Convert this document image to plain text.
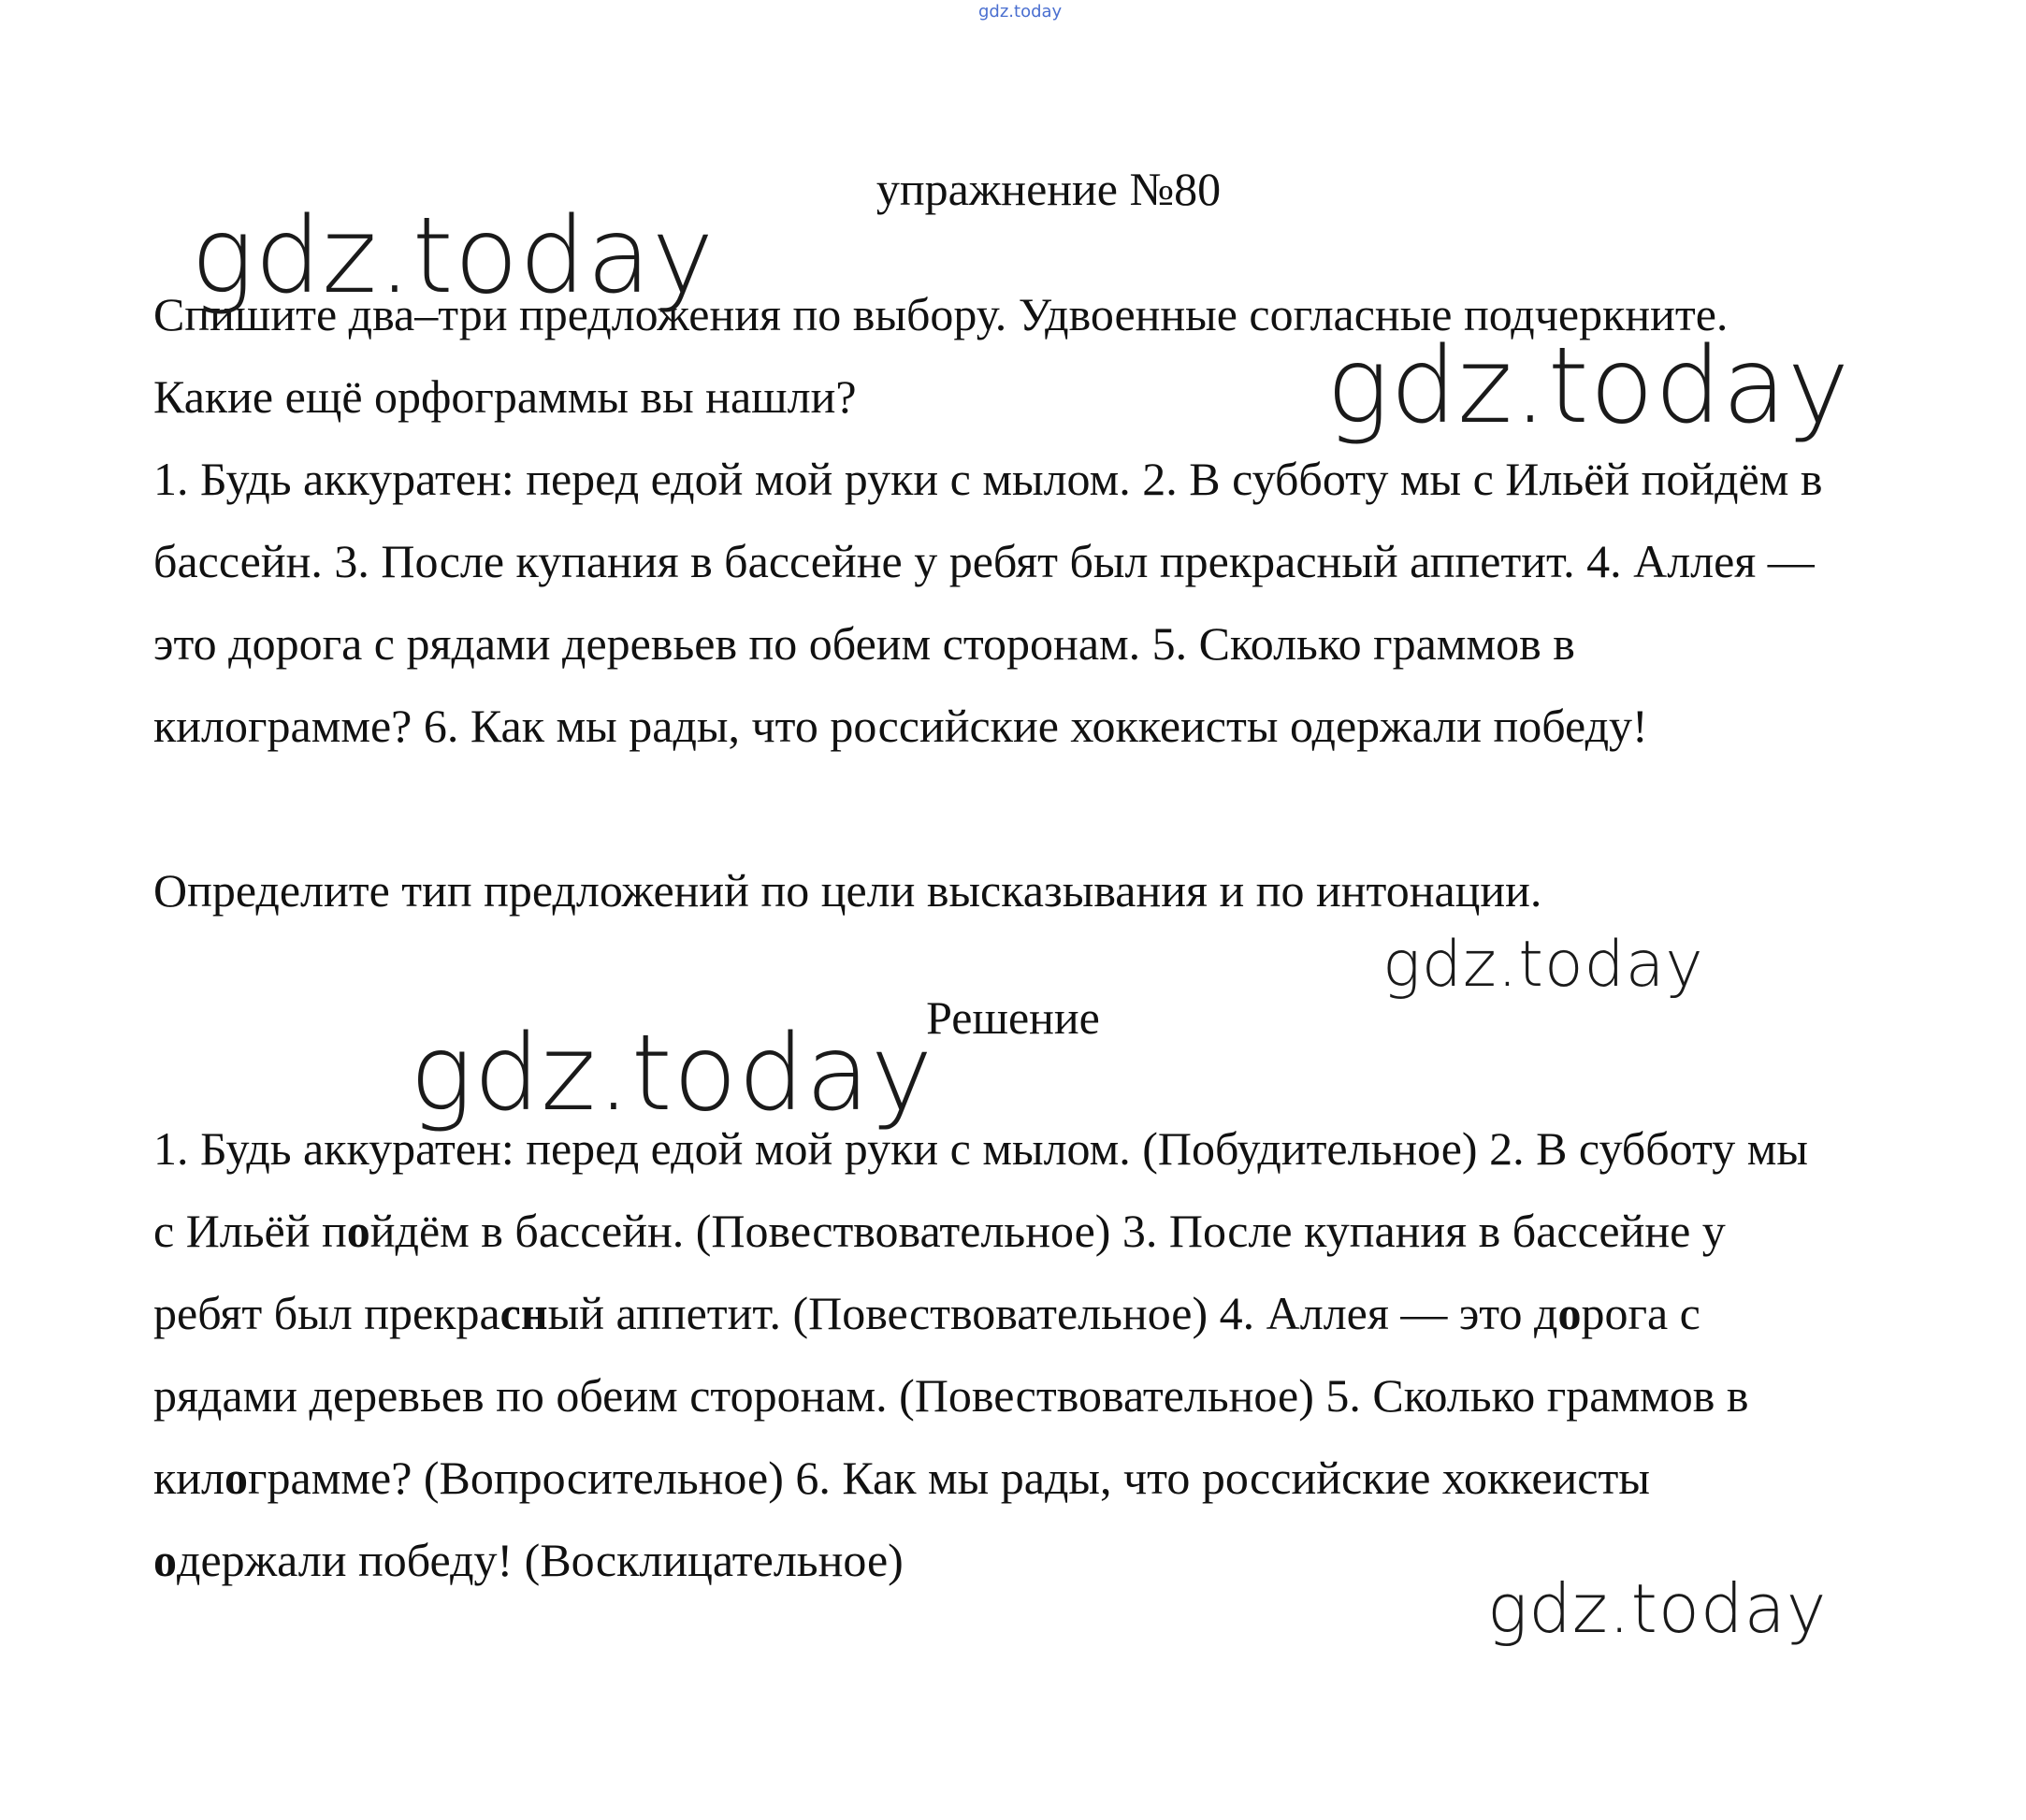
gdz.today
упражнение №80

Спишите два–три предложения по выбору. Удвоенные согласные подчеркните. Какие ещё орфограммы вы нашли?

1. Будь аккуратен: перед едой мой руки с мылом. 2. В субботу мы с Ильёй пойдём в бассейн. 3. После купания в бассейне у ребят был прекрасный аппетит. 4. Аллея — это дорога с рядами деревьев по обеим сторонам. 5. Сколько граммов в килограмме? 6. Как мы рады, что российские хоккеисты одержали победу!

Определите тип предложений по цели высказывания и по интонации.

Решение

1. Будь аккуратен: перед едой мой руки с мылом. (Побудительное) 2. В субботу мы с Ильёй пойдём в бассейн. (Повествовательное) 3. После купания в бассейне у ребят был прекрасный аппетит. (Повествовательное) 4. Аллея — это дорога с рядами деревьев по обеим сторонам. (Повествовательное) 5. Сколько граммов в килограмме? (Вопросительное) 6. Как мы рады, что российские хоккеисты одержали победу! (Восклицательное)

gdz.today
gdz.today
gdz.today
gdz.today
gdz.today
